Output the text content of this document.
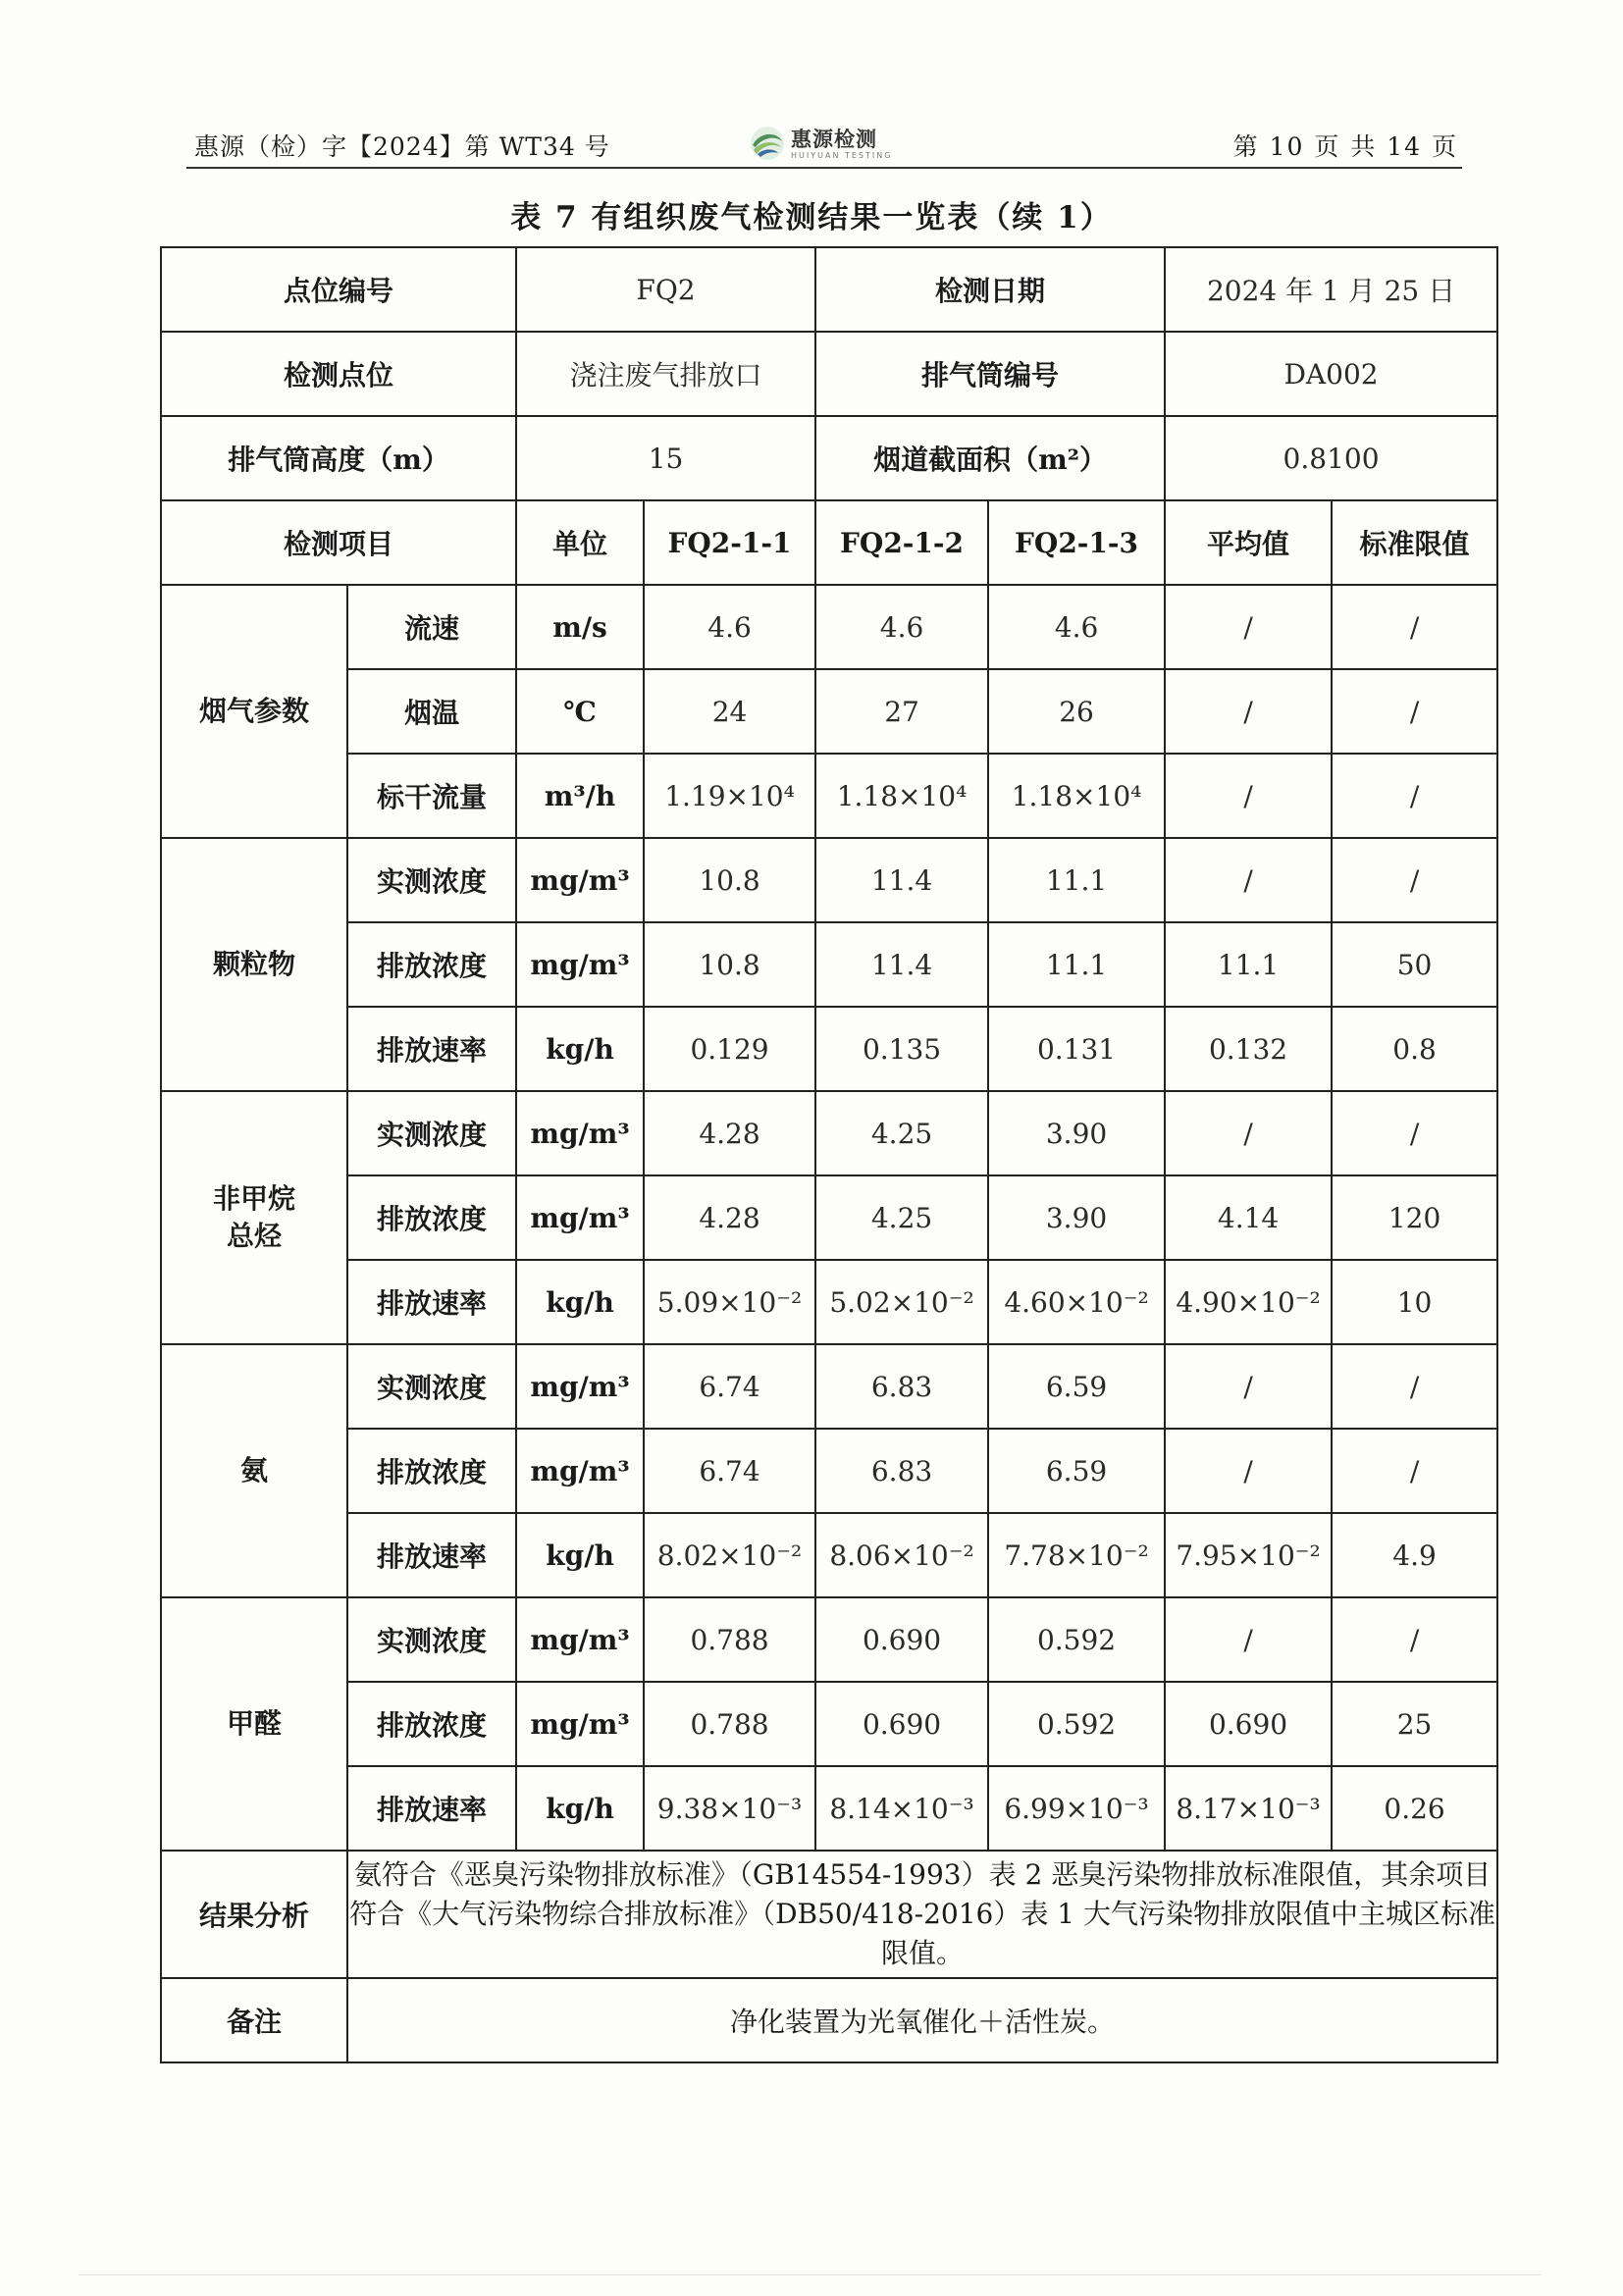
惠源（检）字【2024】第 WT34 号	惠源检测
HUIYUAN TESTING	第 10 页 共 14 页
表 7 有组织废气检测结果一览表（续 1）
点位编号		FQ2		检测日期		2024 年 1 月 25 日	
检测点位		浇注废气排放口		排气筒编号		DA002	
排气筒高度（m）		15		烟道截面积（m²）		0.8100	
检测项目		单位	FQ2-1-1	FQ2-1-2	FQ2-1-3	平均值	标准限值
烟气参数	流速	m/s	4.6	4.6	4.6	/	/
	烟温	℃	24	27	26	/	/
	标干流量	m³/h	1.19×10⁴	1.18×10⁴	1.18×10⁴	/	/
颗粒物	实测浓度	mg/m³	10.8	11.4	11.1	/	/
	排放浓度	mg/m³	10.8	11.4	11.1	11.1	50
	排放速率	kg/h	0.129	0.135	0.131	0.132	0.8
非甲烷
总烃	实测浓度	mg/m³	4.28	4.25	3.90	/	/
	排放浓度	mg/m³	4.28	4.25	3.90	4.14	120
	排放速率	kg/h	5.09×10⁻²	5.02×10⁻²	4.60×10⁻²	4.90×10⁻²	10
氨	实测浓度	mg/m³	6.74	6.83	6.59	/	/
	排放浓度	mg/m³	6.74	6.83	6.59	/	/
	排放速率	kg/h	8.02×10⁻²	8.06×10⁻²	7.78×10⁻²	7.95×10⁻²	4.9
甲醛	实测浓度	mg/m³	0.788	0.690	0.592	/	/
	排放浓度	mg/m³	0.788	0.690	0.592	0.690	25
	排放速率	kg/h	9.38×10⁻³	8.14×10⁻³	6.99×10⁻³	8.17×10⁻³	0.26
结果分析	氨符合《恶臭污染物排放标准》（GB14554-1993）表 2 恶臭污染物排放标准限值，其余项目符合《大气污染物综合排放标准》（DB50/418-2016）表 1 大气污染物排放限值中主城区标准限值。						
备注	净化装置为光氧催化＋活性炭。						
